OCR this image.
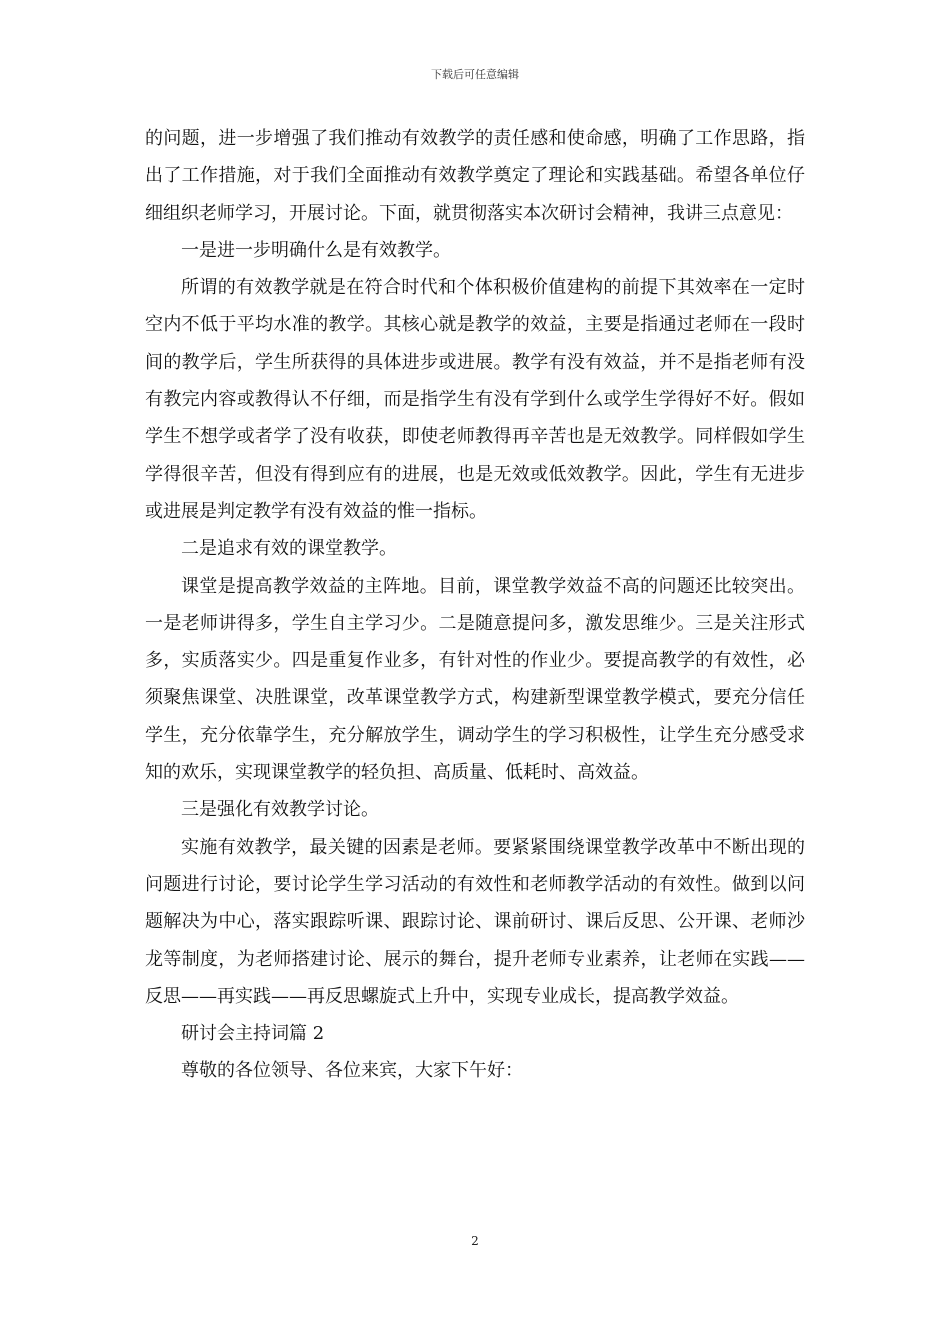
下载后可任意编辑

的问题，进一步增强了我们推动有效教学的责任感和使命感，明确了工作思路，指出了工作措施，对于我们全面推动有效教学奠定了理论和实践基础。希望各单位仔细组织老师学习，开展讨论。下面，就贯彻落实本次研讨会精神，我讲三点意见：

一是进一步明确什么是有效教学。

所谓的有效教学就是在符合时代和个体积极价值建构的前提下其效率在一定时空内不低于平均水准的教学。其核心就是教学的效益，主要是指通过老师在一段时间的教学后，学生所获得的具体进步或进展。教学有没有效益，并不是指老师有没有教完内容或教得认不仔细，而是指学生有没有学到什么或学生学得好不好。假如学生不想学或者学了没有收获，即使老师教得再辛苦也是无效教学。同样假如学生学得很辛苦，但没有得到应有的进展，也是无效或低效教学。因此，学生有无进步或进展是判定教学有没有效益的惟一指标。

二是追求有效的课堂教学。

课堂是提高教学效益的主阵地。目前，课堂教学效益不高的问题还比较突出。一是老师讲得多，学生自主学习少。二是随意提问多，激发思维少。三是关注形式多，实质落实少。四是重复作业多，有针对性的作业少。要提高教学的有效性，必须聚焦课堂、决胜课堂，改革课堂教学方式，构建新型课堂教学模式，要充分信任学生，充分依靠学生，充分解放学生，调动学生的学习积极性，让学生充分感受求知的欢乐，实现课堂教学的轻负担、高质量、低耗时、高效益。

三是强化有效教学讨论。

实施有效教学，最关键的因素是老师。要紧紧围绕课堂教学改革中不断出现的问题进行讨论，要讨论学生学习活动的有效性和老师教学活动的有效性。做到以问题解决为中心，落实跟踪听课、跟踪讨论、课前研讨、课后反思、公开课、老师沙龙等制度，为老师搭建讨论、展示的舞台，提升老师专业素养，让老师在实践——反思——再实践——再反思螺旋式上升中，实现专业成长，提高教学效益。

研讨会主持词篇 2

尊敬的各位领导、各位来宾，大家下午好：

2
